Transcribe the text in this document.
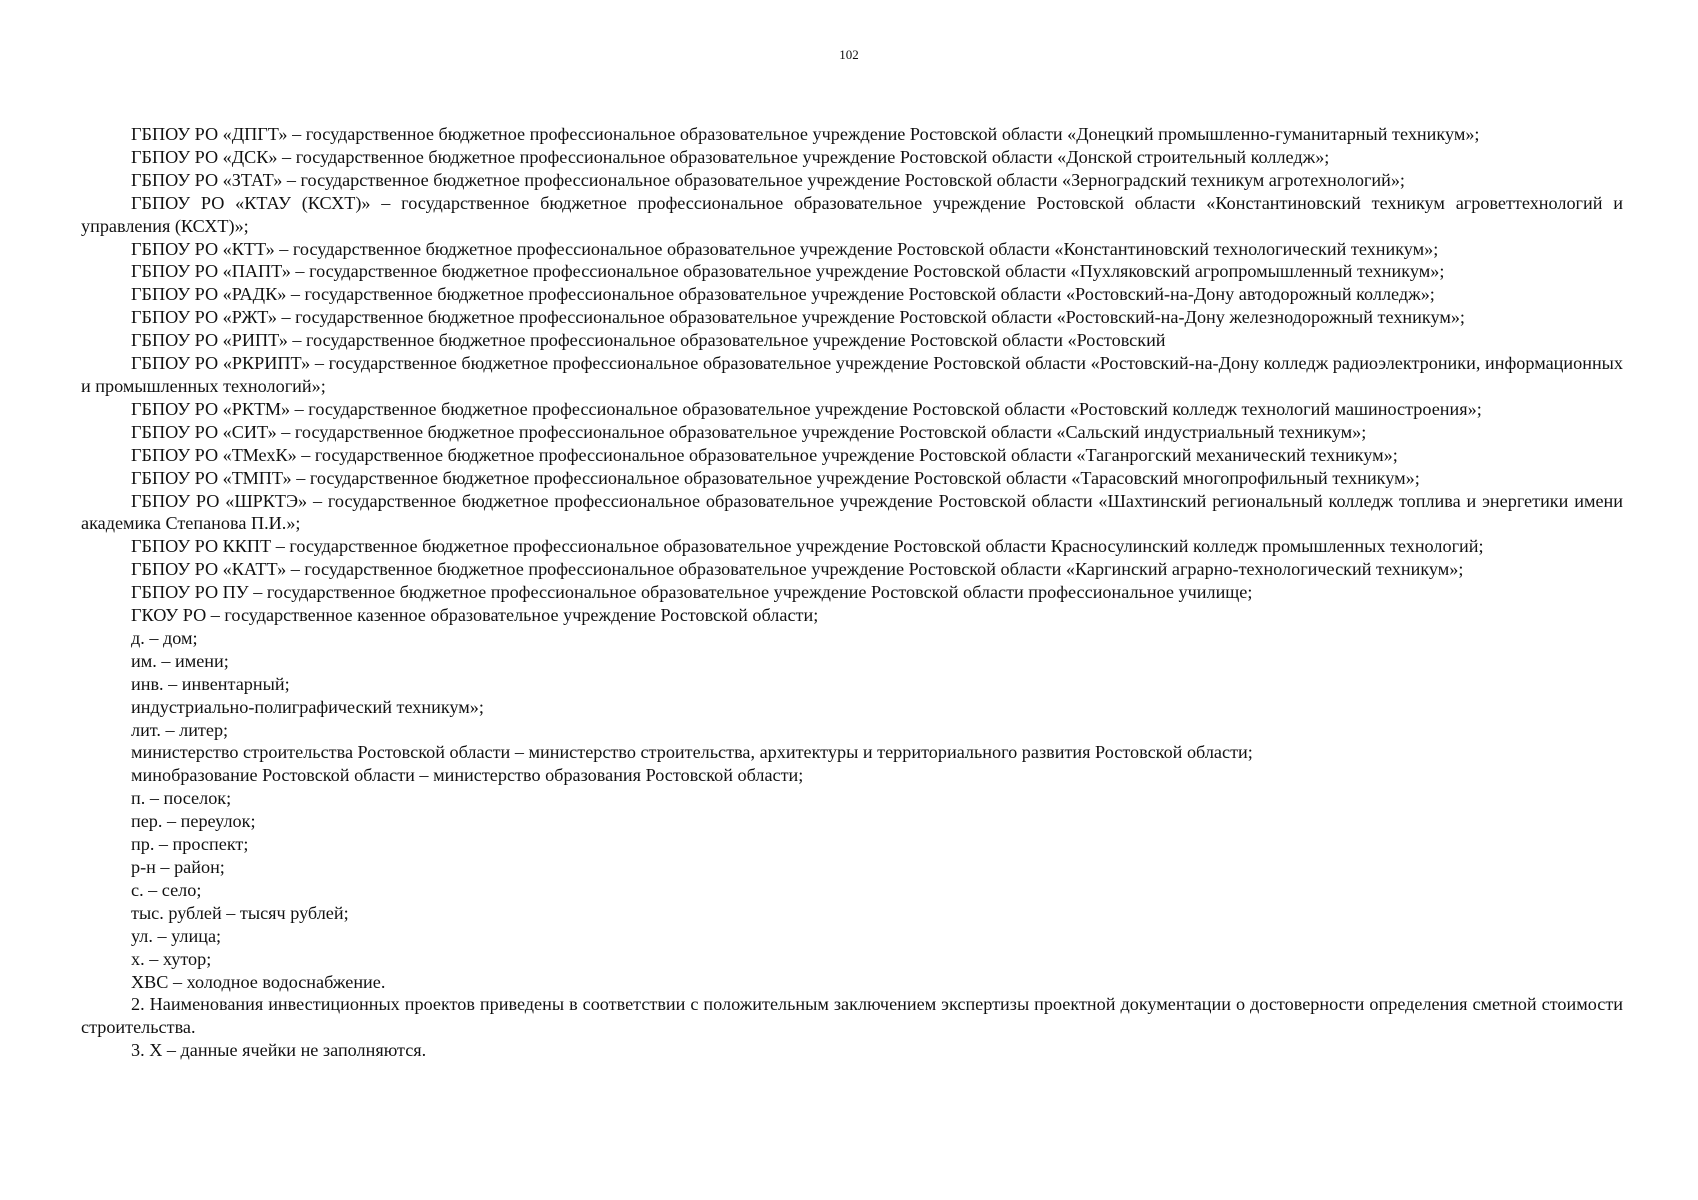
102

ГБПОУ РО «ДПГТ» – государственное бюджетное профессиональное образовательное учреждение Ростовской области «Донецкий промышленно-гуманитарный техникум»;

ГБПОУ РО «ДСК» – государственное бюджетное профессиональное образовательное учреждение Ростовской области «Донской строительный колледж»;

ГБПОУ РО «ЗТАТ» – государственное бюджетное профессиональное образовательное учреждение Ростовской области «Зерноградский техникум агротехнологий»;

ГБПОУ РО «КТАУ (КСХТ)» – государственное бюджетное профессиональное образовательное учреждение Ростовской области «Константиновский техникум агроветтехнологий и управления (КСХТ)»;

ГБПОУ РО «КТТ» – государственное бюджетное профессиональное образовательное учреждение Ростовской области «Константиновский технологический техникум»;

ГБПОУ РО «ПАПТ» – государственное бюджетное профессиональное образовательное учреждение Ростовской области «Пухляковский агропромышленный техникум»;

ГБПОУ РО «РАДК» – государственное бюджетное профессиональное образовательное учреждение Ростовской области «Ростовский-на-Дону автодорожный колледж»;

ГБПОУ РО «РЖТ» – государственное бюджетное профессиональное образовательное учреждение Ростовской области «Ростовский-на-Дону железнодорожный техникум»;

ГБПОУ РО «РИПТ» – государственное бюджетное профессиональное образовательное учреждение Ростовской области «Ростовский

ГБПОУ РО «РКРИПТ» – государственное бюджетное профессиональное образовательное учреждение Ростовской области «Ростовский-на-Дону колледж радиоэлектроники, информационных и промышленных технологий»;

ГБПОУ РО «РКТМ» – государственное бюджетное профессиональное образовательное учреждение Ростовской области «Ростовский колледж технологий машиностроения»;

ГБПОУ РО «СИТ» – государственное бюджетное профессиональное образовательное учреждение Ростовской области «Сальский индустриальный техникум»;

ГБПОУ РО «ТМехК» – государственное бюджетное профессиональное образовательное учреждение Ростовской области «Таганрогский механический техникум»;

ГБПОУ РО «ТМПТ» – государственное бюджетное профессиональное образовательное учреждение Ростовской области «Тарасовский многопрофильный техникум»;

ГБПОУ РО «ШРКТЭ» – государственное бюджетное профессиональное образовательное учреждение Ростовской области «Шахтинский региональный колледж топлива и энергетики имени академика Степанова П.И.»;

ГБПОУ РО ККПТ – государственное бюджетное профессиональное образовательное учреждение Ростовской области Красносулинский колледж промышленных технологий;

ГБПОУ РО «КАТТ» – государственное бюджетное профессиональное образовательное учреждение Ростовской области «Каргинский аграрно-технологический техникум»;

ГБПОУ РО ПУ – государственное бюджетное профессиональное образовательное учреждение Ростовской области профессиональное училище;

ГКОУ РО – государственное казенное образовательное учреждение Ростовской области;

д. – дом;

им. – имени;

инв. – инвентарный;

индустриально-полиграфический техникум»;

лит. – литер;

министерство строительства Ростовской области – министерство строительства, архитектуры и территориального развития Ростовской области;

минобразование Ростовской области – министерство образования Ростовской области;

п. – поселок;

пер. – переулок;

пр. – проспект;

р-н – район;

с. – село;

тыс. рублей – тысяч рублей;

ул. – улица;

х. – хутор;

ХВС – холодное водоснабжение.

2. Наименования инвестиционных проектов приведены в соответствии с положительным заключением экспертизы проектной документации о достоверности определения сметной стоимости строительства.

3. Х – данные ячейки не заполняются.
